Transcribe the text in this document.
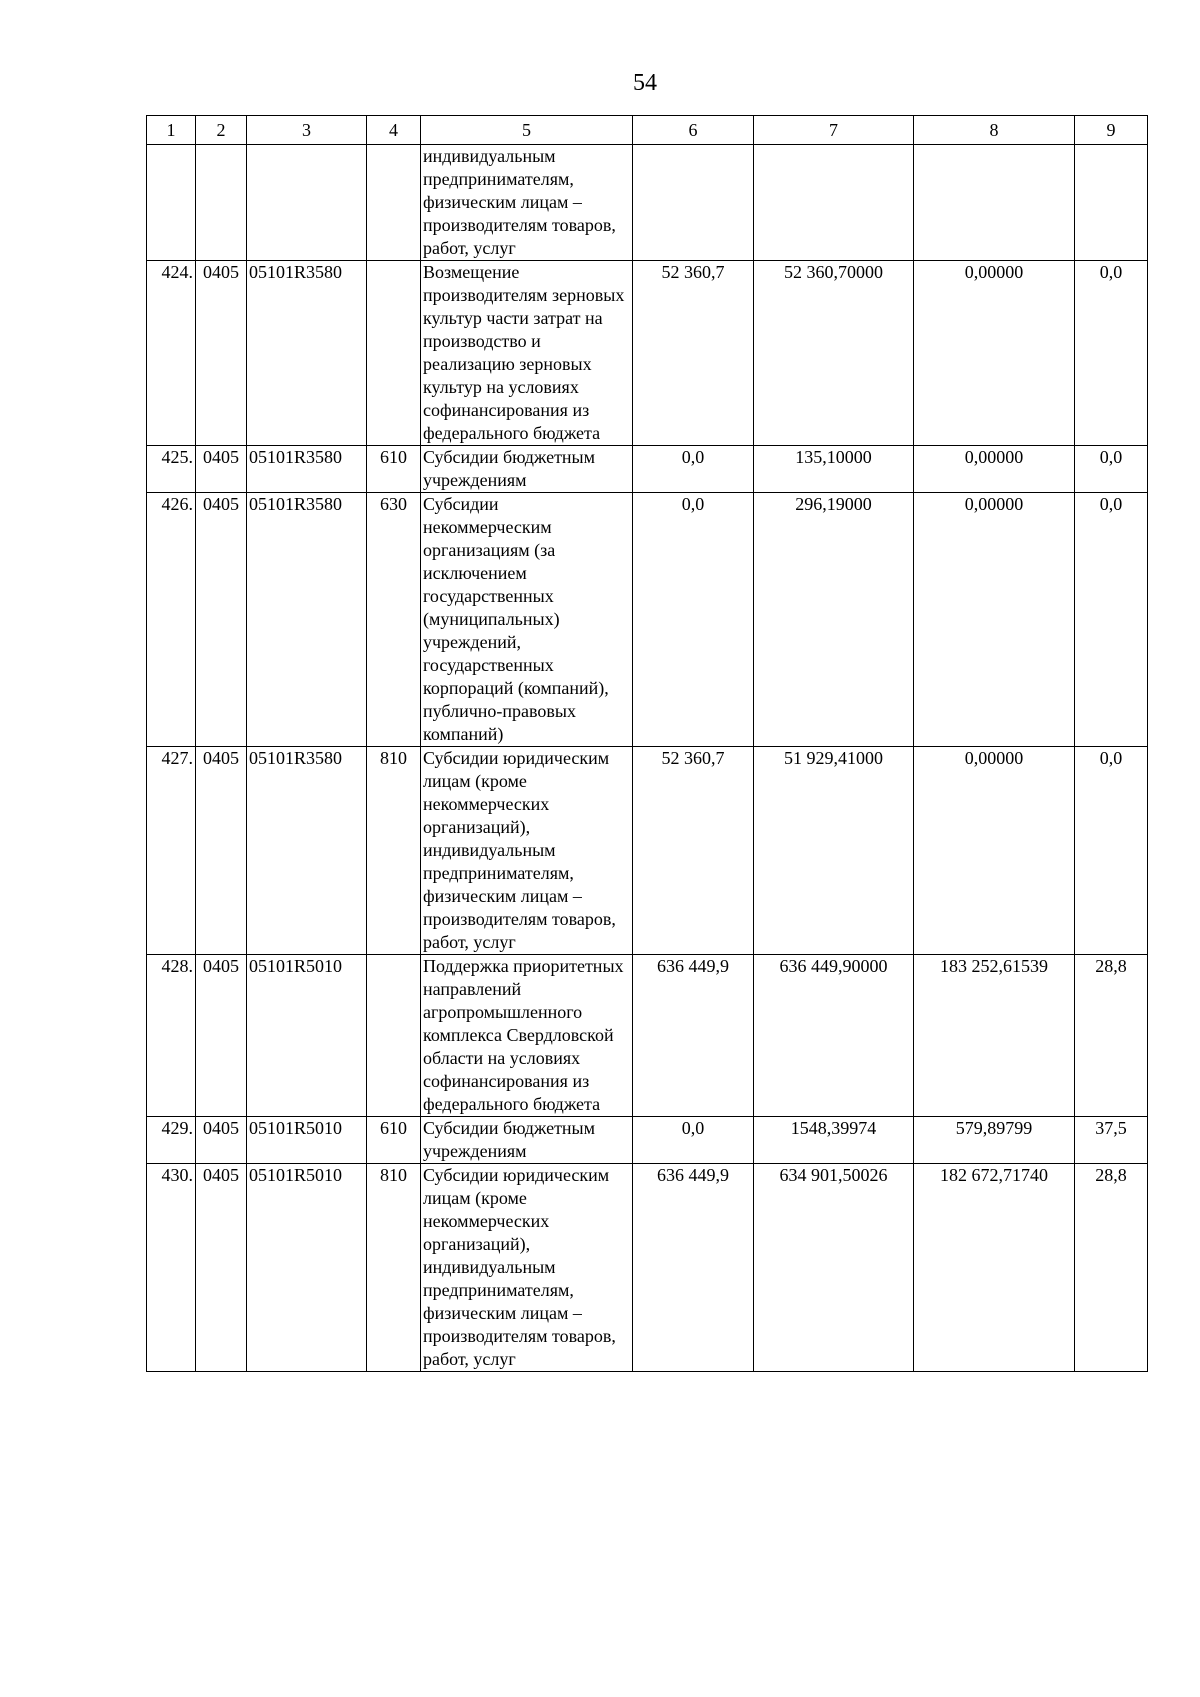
54
1	2	3	4	5	6	7	8	9
				индивидуальным предпринимателям, физическим лицам – производителям товаров, работ, услуг				
424.	0405	05101R3580		Возмещение производителям зерновых культур части затрат на производство и реализацию зерновых культур на условиях софинансирования из федерального бюджета	52 360,7	52 360,70000	0,00000	0,0
425.	0405	05101R3580	610	Субсидии бюджетным учреждениям	0,0	135,10000	0,00000	0,0
426.	0405	05101R3580	630	Субсидии некоммерческим организациям (за исключением государственных (муниципальных) учреждений, государственных корпораций (компаний), публично-правовых компаний)	0,0	296,19000	0,00000	0,0
427.	0405	05101R3580	810	Субсидии юридическим лицам (кроме некоммерческих организаций), индивидуальным предпринимателям, физическим лицам – производителям товаров, работ, услуг	52 360,7	51 929,41000	0,00000	0,0
428.	0405	05101R5010		Поддержка приоритетных направлений агропромышленного комплекса Свердловской области на условиях софинансирования из федерального бюджета	636 449,9	636 449,90000	183 252,61539	28,8
429.	0405	05101R5010	610	Субсидии бюджетным учреждениям	0,0	1548,39974	579,89799	37,5
430.	0405	05101R5010	810	Субсидии юридическим лицам (кроме некоммерческих организаций), индивидуальным предпринимателям, физическим лицам – производителям товаров, работ, услуг	636 449,9	634 901,50026	182 672,71740	28,8
